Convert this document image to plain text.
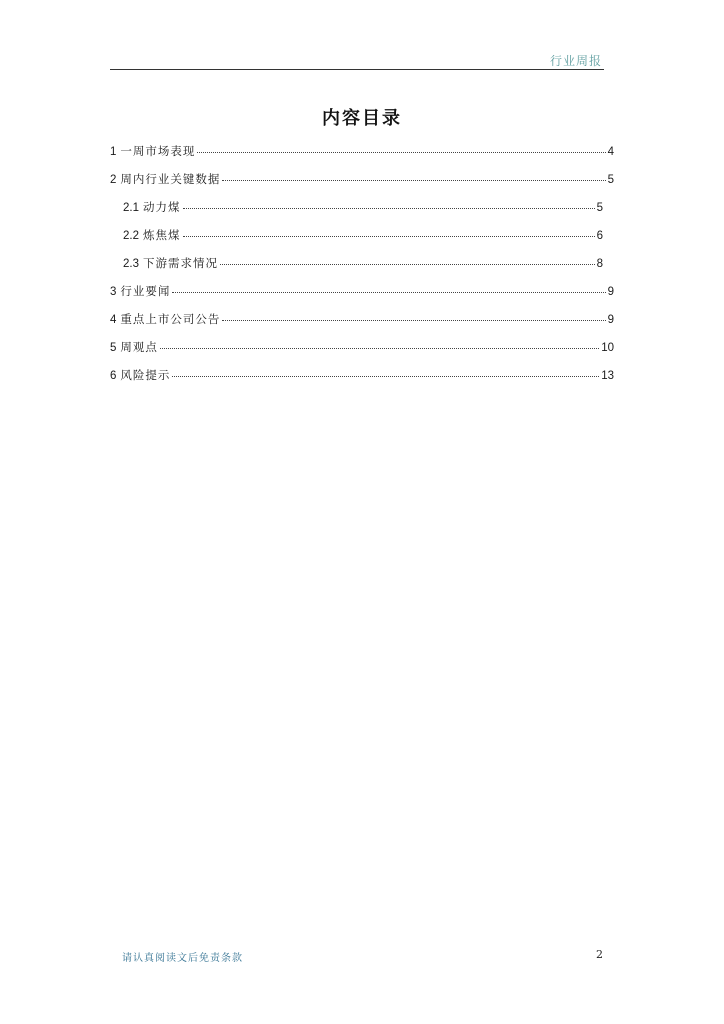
行业周报
内容目录
1 一周市场表现	4
2 周内行业关键数据	5
2.1 动力煤	5
2.2 炼焦煤	6
2.3 下游需求情况	8
3 行业要闻	9
4 重点上市公司公告	9
5 周观点	10
6 风险提示	13
请认真阅读文后免责条款	2
